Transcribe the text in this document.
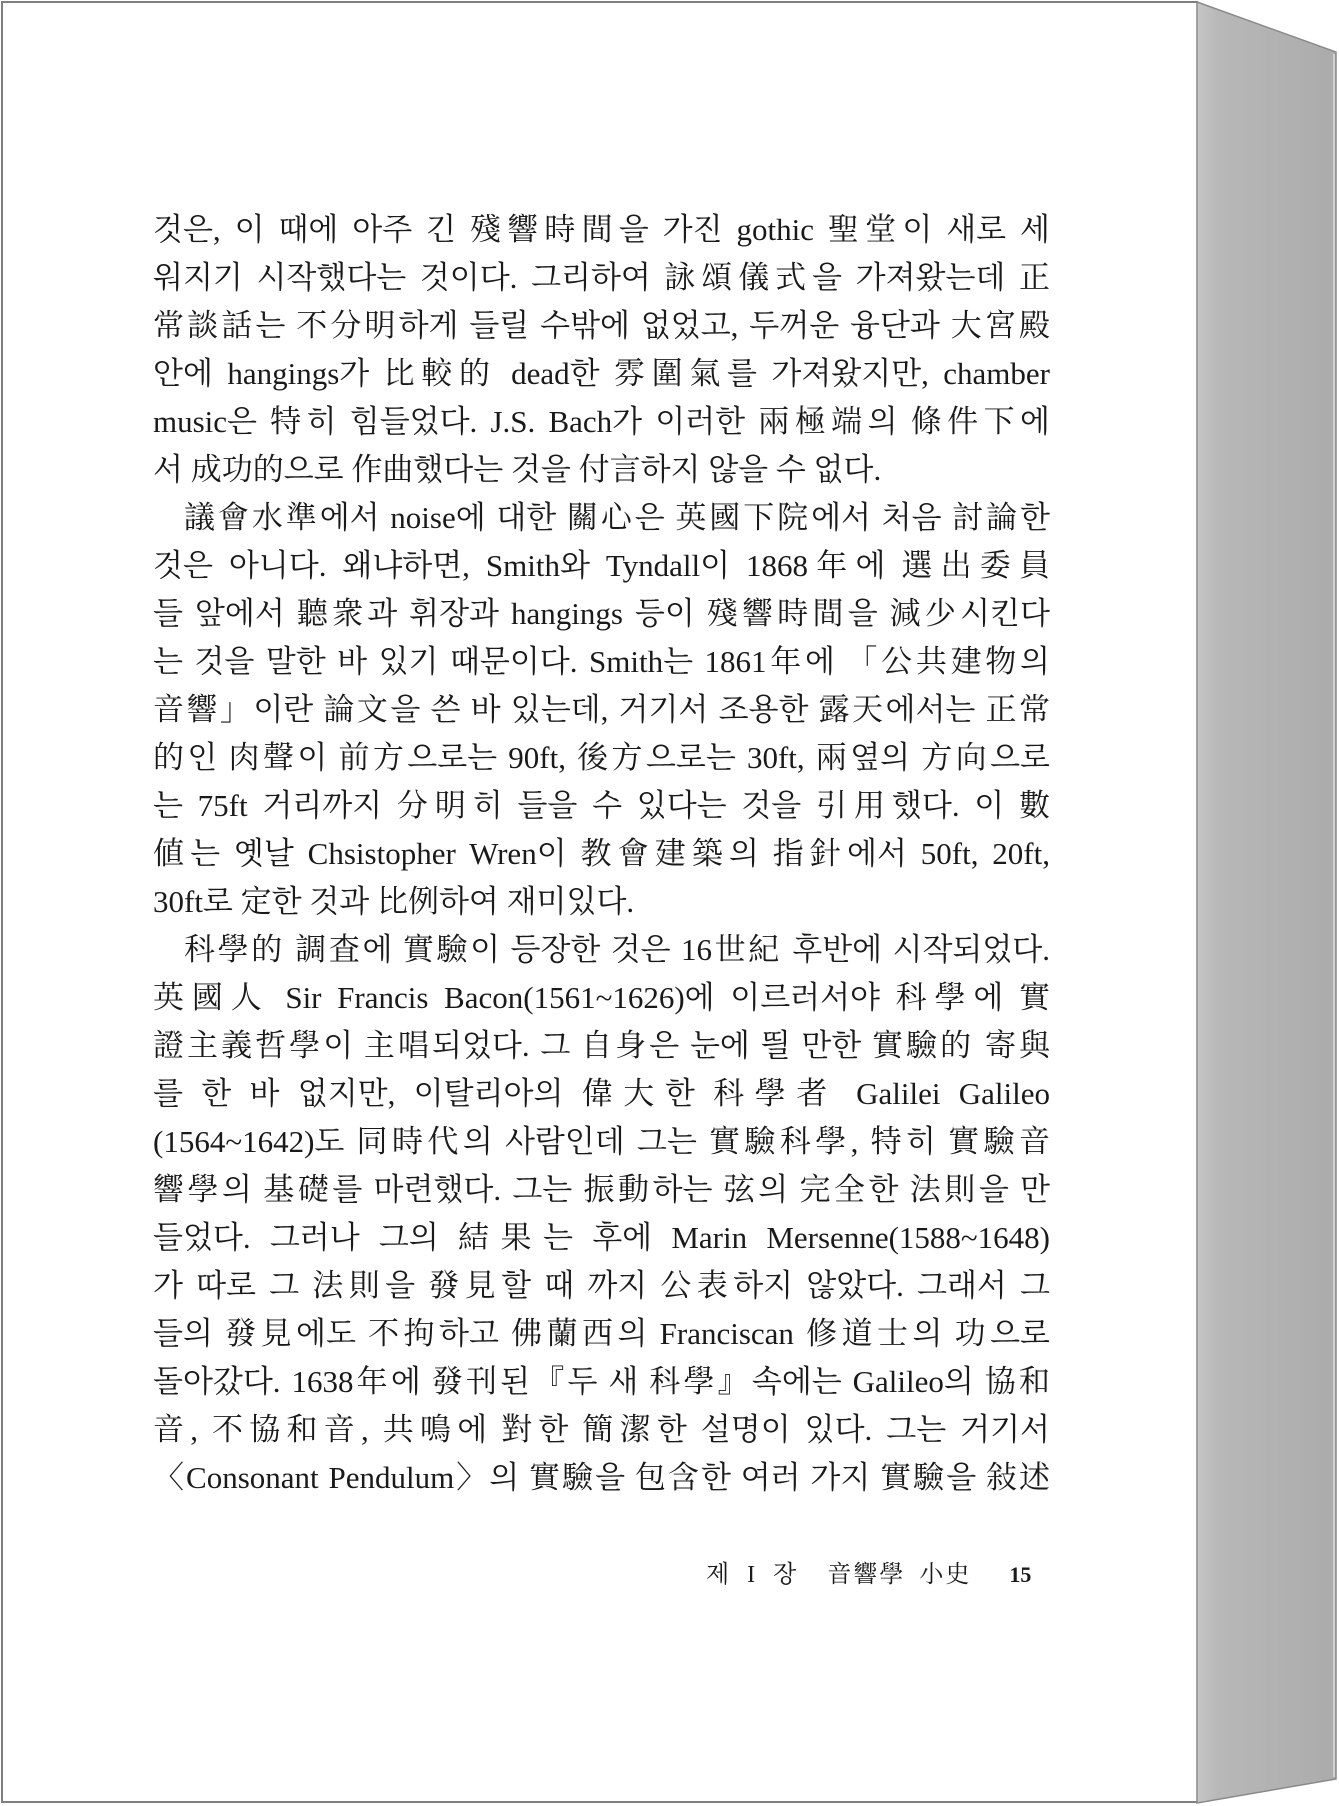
것은, 이 때에 아주 긴 殘響時間을 가진 gothic 聖堂이 새로 세
워지기 시작했다는 것이다. 그리하여 詠頌儀式을 가져왔는데 正
常談話는 不分明하게 들릴 수밖에 없었고, 두꺼운 융단과 大宮殿
안에 hangings가 比較的 dead한 雰圍氣를 가져왔지만, chamber
music은 特히 힘들었다. J.S. Bach가 이러한 兩極端의 條件下에
서 成功的으로 作曲했다는 것을 付言하지 않을 수 없다.
議會水準에서 noise에 대한 關心은 英國下院에서 처음 討論한
것은 아니다. 왜냐하면, Smith와 Tyndall이 1868年에 選出委員
들 앞에서 聽衆과 휘장과 hangings 등이 殘響時間을 減少시킨다
는 것을 말한 바 있기 때문이다. Smith는 1861年에 「公共建物의
音響」이란 論文을 쓴 바 있는데, 거기서 조용한 露天에서는 正常
的인 肉聲이 前方으로는 90ft, 後方으로는 30ft, 兩옆의 方向으로
는 75ft 거리까지 分明히 들을 수 있다는 것을 引用했다. 이 數
値는 옛날 Chsistopher Wren이 教會建築의 指針에서 50ft, 20ft,
30ft로 定한 것과 比例하여 재미있다.
科學的 調査에 實驗이 등장한 것은 16世紀 후반에 시작되었다.
英國人 Sir Francis Bacon(1561~1626)에 이르러서야 科學에 實
證主義哲學이 主唱되었다. 그 自身은 눈에 띌 만한 實驗的 寄與
를 한 바 없지만, 이탈리아의 偉大한 科學者 Galilei Galileo
(1564~1642)도 同時代의 사람인데 그는 實驗科學, 特히 實驗音
響學의 基礎를 마련했다. 그는 振動하는 弦의 完全한 法則을 만
들었다. 그러나 그의 結果는 후에 Marin Mersenne(1588~1648)
가 따로 그 法則을 發見할 때 까지 公表하지 않았다. 그래서 그
들의 發見에도 不拘하고 佛蘭西의 Franciscan 修道士의 功으로
돌아갔다. 1638年에 發刊된『두 새 科學』속에는 Galileo의 協和
音, 不協和音, 共鳴에 對한 簡潔한 설명이 있다. 그는 거기서
〈Consonant Pendulum〉의 實驗을 包含한 여러 가지 實驗을 敍述
제 I 장 音響學 小史 15
